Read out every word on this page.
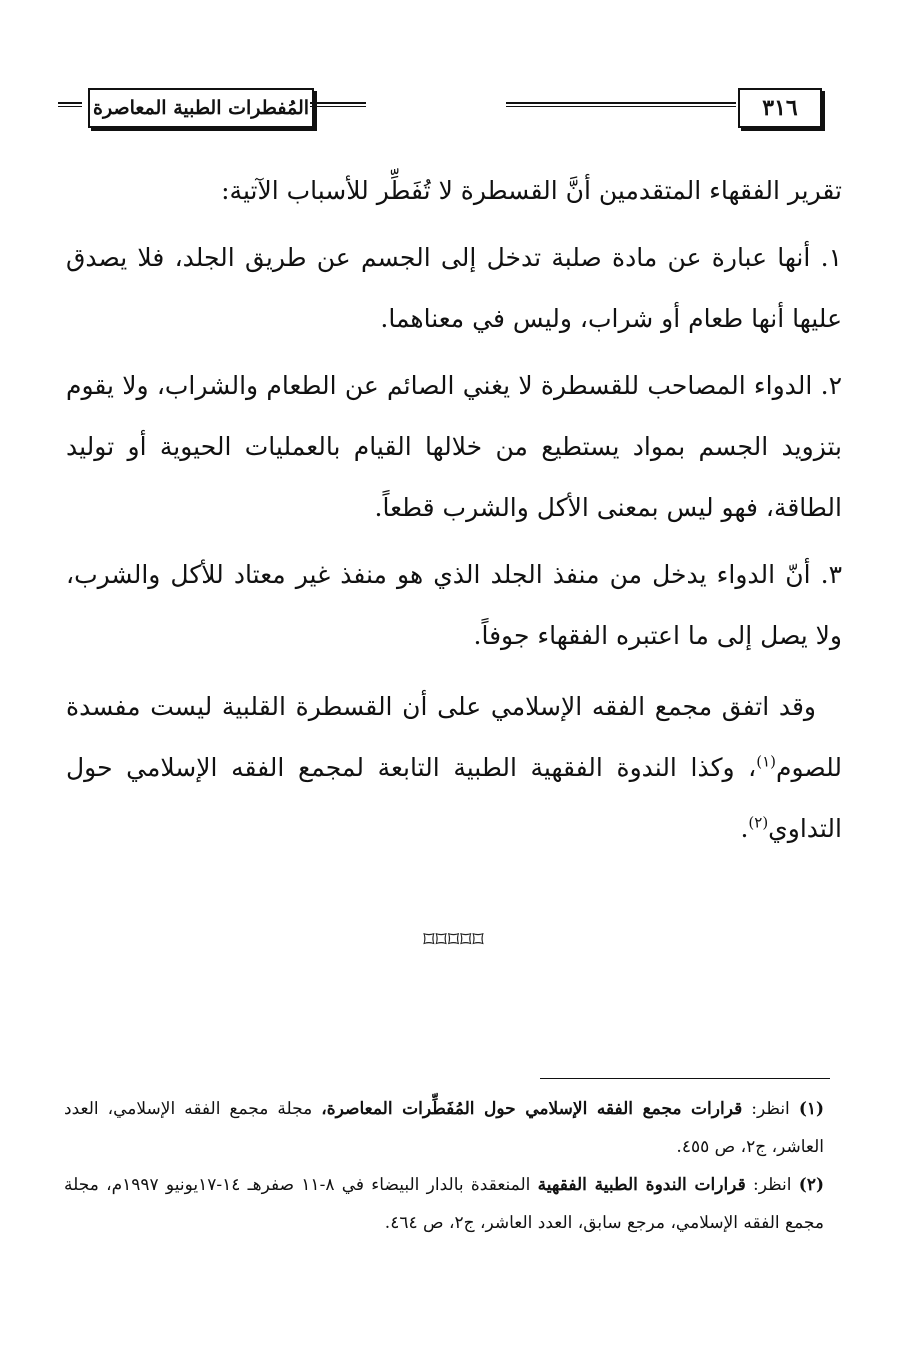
٣١٦
المُفطرات الطبية المعاصرة

تقرير الفقهاء المتقدمين أنَّ القسطرة لا تُفَطِّر للأسباب الآتية:

١. أنها عبارة عن مادة صلبة تدخل إلى الجسم عن طريق الجلد، فلا يصدق عليها أنها طعام أو شراب، وليس في معناهما.

٢. الدواء المصاحب للقسطرة لا يغني الصائم عن الطعام والشراب، ولا يقوم بتزويد الجسم بمواد يستطيع من خلالها القيام بالعمليات الحيوية أو توليد الطاقة، فهو ليس بمعنى الأكل والشرب قطعاً.

٣. أنّ الدواء يدخل من منفذ الجلد الذي هو منفذ غير معتاد للأكل والشرب، ولا يصل إلى ما اعتبره الفقهاء جوفاً.

وقد اتفق مجمع الفقه الإسلامي على أن القسطرة القلبية ليست مفسدة للصوم$^{(١)}$، وكذا الندوة الفقهية الطبية التابعة لمجمع الفقه الإسلامي حول التداوي$^{(٢)}$.

⌑⌑⌑⌑⌑

(١) انظر: قرارات مجمع الفقه الإسلامي حول المُفَطِّرات المعاصرة، مجلة مجمع الفقه الإسلامي، العدد العاشر، ج٢، ص ٤٥٥.

(٢) انظر: قرارات الندوة الطبية الفقهية المنعقدة بالدار البيضاء في ٨-١١ صفرهـ ١٤-١٧يونيو ١٩٩٧م، مجلة مجمع الفقه الإسلامي، مرجع سابق، العدد العاشر، ج٢، ص ٤٦٤.
